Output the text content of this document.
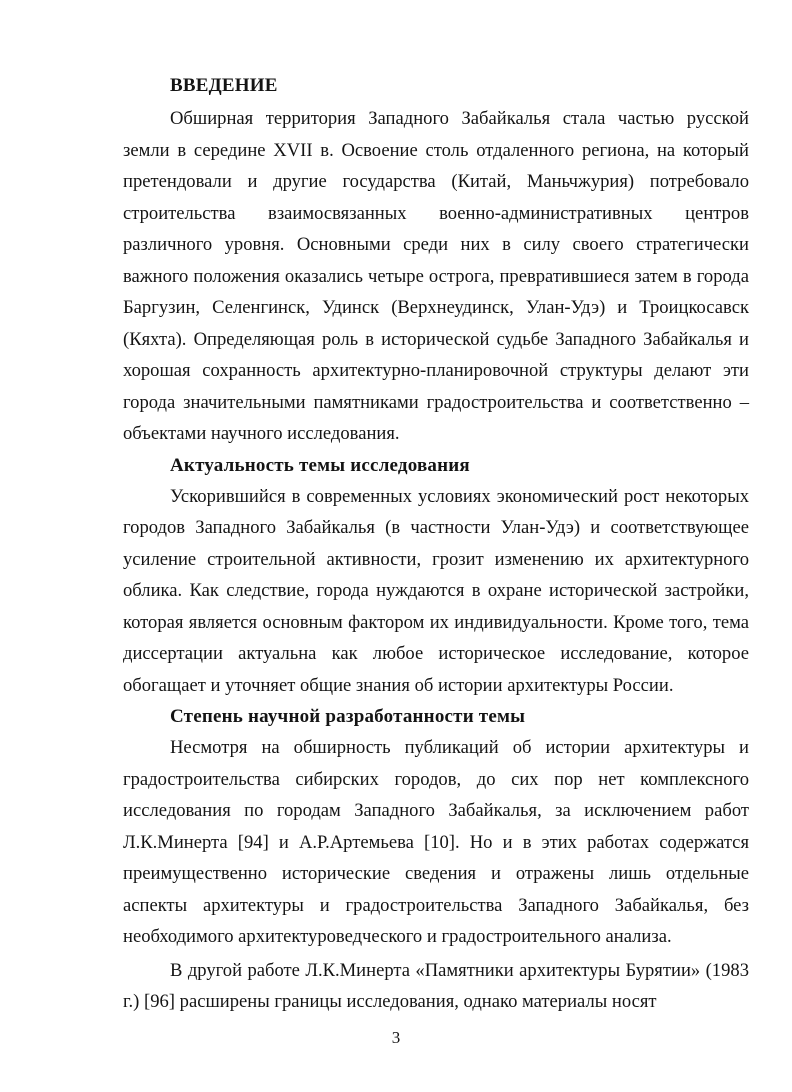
ВВЕДЕНИЕ

Обширная территория Западного Забайкалья стала частью русской земли в середине XVII в. Освоение столь отдаленного региона, на который претендовали и другие государства (Китай, Маньчжурия) потребовало строительства взаимосвязанных военно-административных центров различного уровня. Основными среди них в силу своего стратегически важного положения оказались четыре острога, превратившиеся затем в города Баргузин, Селенгинск, Удинск (Верхнеудинск, Улан-Удэ) и Троицкосавск (Кяхта). Определяющая роль в исторической судьбе Западного Забайкалья и хорошая сохранность архитектурно-планировочной структуры делают эти города значительными памятниками градостроительства и соответственно – объектами научного исследования.

Актуальность темы исследования

Ускорившийся в современных условиях экономический рост некоторых городов Западного Забайкалья (в частности Улан-Удэ) и соответствующее усиление строительной активности, грозит изменению их архитектурного облика. Как следствие, города нуждаются в охране исторической застройки, которая является основным фактором их индивидуальности. Кроме того, тема диссертации актуальна как любое историческое исследование, которое обогащает и уточняет общие знания об истории архитектуры России.

Степень научной разработанности темы

Несмотря на обширность публикаций об истории архитектуры и градостроительства сибирских городов, до сих пор нет комплексного исследования по городам Западного Забайкалья, за исключением работ Л.К.Минерта [94] и А.Р.Артемьева [10]. Но и в этих работах содержатся преимущественно исторические сведения и отражены лишь отдельные аспекты архитектуры и градостроительства Западного Забайкалья, без необходимого архитектуроведческого и градостроительного анализа.

В другой работе Л.К.Минерта «Памятники архитектуры Бурятии» (1983 г.) [96] расширены границы исследования, однако материалы носят

3
